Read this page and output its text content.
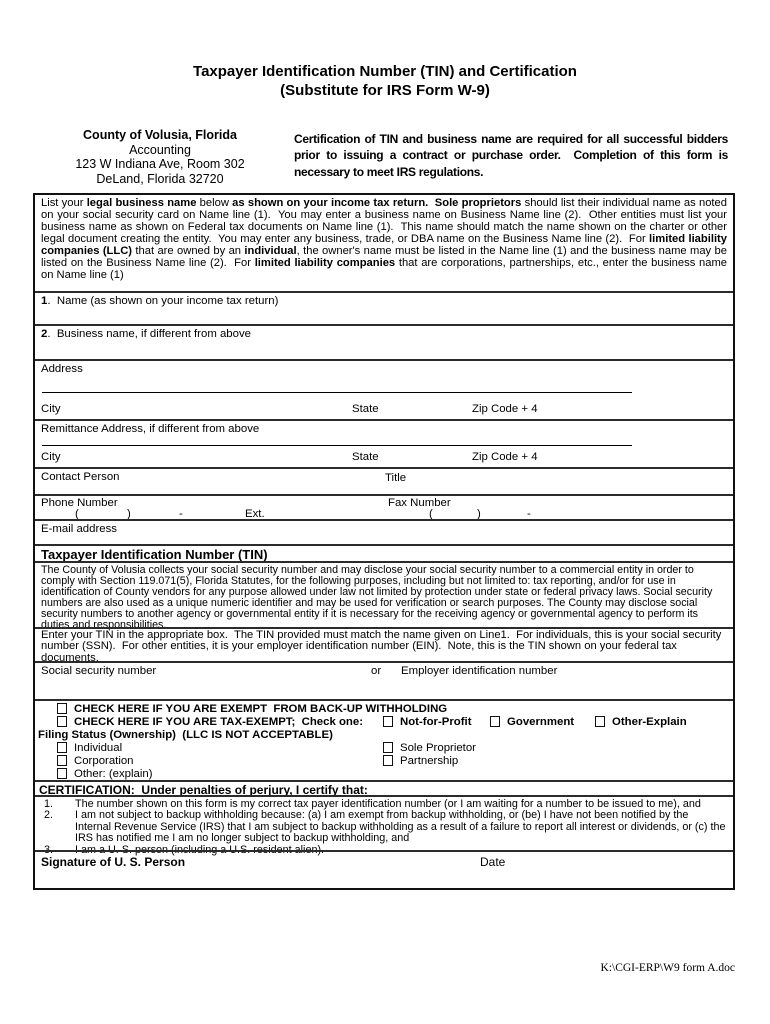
Taxpayer Identification Number (TIN) and Certification
(Substitute for IRS Form W-9)
County of Volusia, Florida
Accounting
123 W Indiana Ave, Room 302
DeLand, Florida 32720
Certification of TIN and business name are required for all successful bidders prior to issuing a contract or purchase order.  Completion of this form is necessary to meet IRS regulations.
List your legal business name below as shown on your income tax return. Sole proprietors should list their individual name as noted on your social security card on Name line (1).  You may enter a business name on Business Name line (2).  Other entities must list your business name as shown on Federal tax documents on Name line (1).  This name should match the name shown on the charter or other legal document creating the entity.  You may enter any business, trade, or DBA name on the Business Name line (2).  For limited liability companies (LLC) that are owned by an individual, the owner's name must be listed in the Name line (1) and the business name may be listed on the Business Name line (2).  For limited liability companies that are corporations, partnerships, etc., enter the business name on Name line (1)
1.  Name (as shown on your income tax return)
2.  Business name, if different from above
Address
City	State	Zip Code + 4
Remittance Address, if different from above
City	State	Zip Code + 4
Contact Person	Title
Phone Number	Fax Number
(	)	-	Ext.	(	)	-
E-mail address
Taxpayer Identification Number (TIN)
The County of Volusia collects your social security number and may disclose your social security number to a commercial entity in order to comply with Section 119.071(5), Florida Statutes, for the following purposes, including but not limited to: tax reporting, and/or for use in identification of County vendors for any purpose allowed under law not limited by protection under state or federal privacy laws. Social security numbers are also used as a unique numeric identifier and may be used for verification or search purposes. The County may disclose social security numbers to another agency or governmental entity if it is necessary for the receiving agency or governmental agency to perform its duties and responsibilities.
Enter your TIN in the appropriate box.  The TIN provided must match the name given on Line1.  For individuals, this is your social security number (SSN).  For other entities, it is your employer identification number (EIN).  Note, this is the TIN shown on your federal tax documents.
Social security number	or Employer identification number
CHECK HERE IF YOU ARE EXEMPT  FROM BACK-UP WITHHOLDING
CHECK HERE IF YOU ARE TAX-EXEMPT;  Check one:	Not-for-Profit	Government	Other-Explain
Filing Status (Ownership)  (LLC IS NOT ACCEPTABLE)
Individual	Sole Proprietor
Corporation	Partnership
Other: (explain)
CERTIFICATION:  Under penalties of perjury, I certify that:
1.	The number shown on this form is my correct tax payer identification number (or I am waiting for a number to be issued to me), and
2.	I am not subject to backup withholding because: (a) I am exempt from backup withholding, or (be) I have not been notified by the Internal Revenue Service (IRS) that I am subject to backup withholding as a result of a failure to report all interest or dividends, or (c) the IRS has notified me I am no longer subject to backup withholding, and
3.	I am a U. S. person (including a U.S. resident alien).
Signature of U. S. Person	Date
K:\CGI-ERP\W9 form A.doc
